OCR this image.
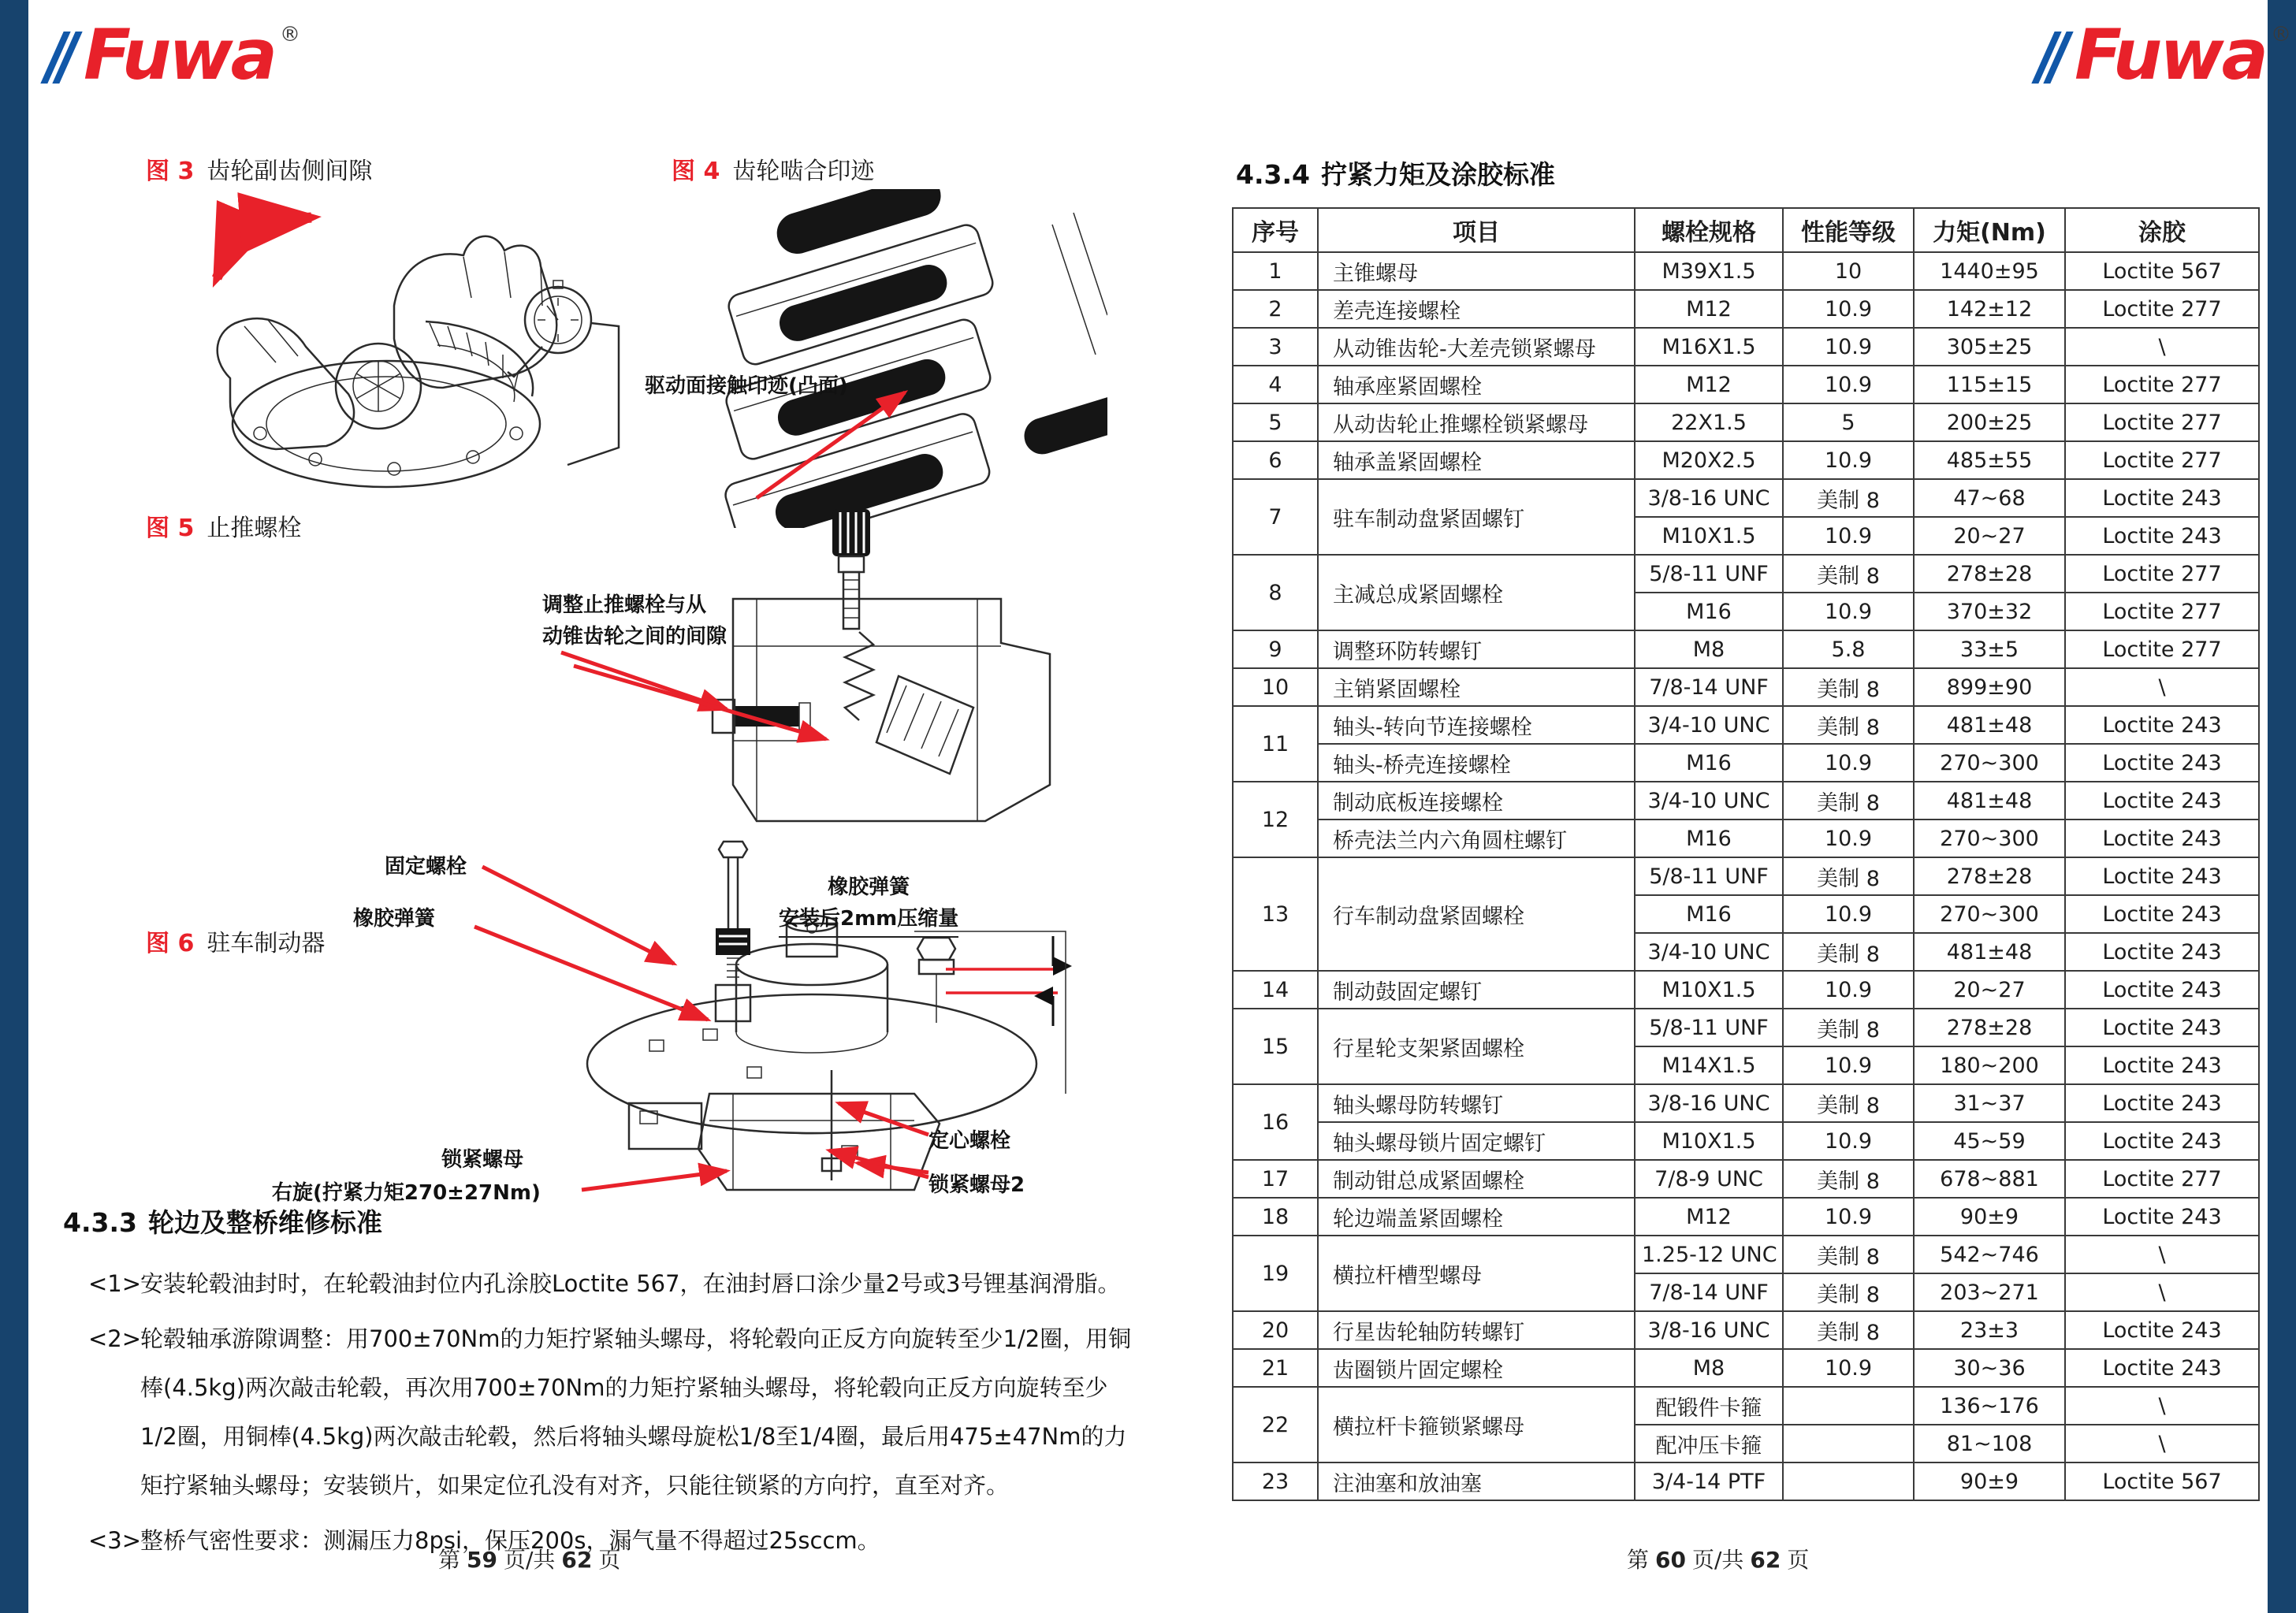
Fuwa ®	Fuwa ®
图 3 齿轮副齿侧间隙	图 4 齿轮啮合印迹
驱动面接触印迹(凸面)
图 5 止推螺栓
调整止推螺栓与从
动锥齿轮之间的间隙
图 6 驻车制动器
固定螺栓
橡胶弹簧
橡胶弹簧
安装后2mm压缩量
锁紧螺母
右旋(拧紧力矩270±27Nm)
定心螺栓
锁紧螺母2
4.3.3 轮边及整桥维修标准
<1>
安装轮毂油封时，在轮毂油封位内孔涂胶Loctite 567，在油封唇口涂少量2号或3号锂基润滑脂。
<2>
轮毂轴承游隙调整：用700±70Nm的力矩拧紧轴头螺母，将轮毂向正反方向旋转至少1/2圈，用铜棒(4.5kg)两次敲击轮毂，再次用700±70Nm的力矩拧紧轴头螺母，将轮毂向正反方向旋转至少1/2圈，用铜棒(4.5kg)两次敲击轮毂，然后将轴头螺母旋松1/8至1/4圈，最后用475±47Nm的力矩拧紧轴头螺母；安装锁片，如果定位孔没有对齐，只能往锁紧的方向拧，直至对齐。
<3>
整桥气密性要求：测漏压力8psi，保压200s，漏气量不得超过25sccm。
第 59 页/共 62 页
4.3.4 拧紧力矩及涂胶标准
序号	项目	螺栓规格	性能等级	力矩(Nm)	涂胶
1	主锥螺母	M39X1.5	10	1440±95	Loctite 567
2	差壳连接螺栓	M12	10.9	142±12	Loctite 277
3	从动锥齿轮-大差壳锁紧螺母	M16X1.5	10.9	305±25	\
4	轴承座紧固螺栓	M12	10.9	115±15	Loctite 277
5	从动齿轮止推螺栓锁紧螺母	22X1.5	5	200±25	Loctite 277
6	轴承盖紧固螺栓	M20X2.5	10.9	485±55	Loctite 277
7	驻车制动盘紧固螺钉	3/8-16 UNC	美制 8	47~68	Loctite 243
		M10X1.5	10.9	20~27	Loctite 243
8	主减总成紧固螺栓	5/8-11 UNF	美制 8	278±28	Loctite 277
		M16	10.9	370±32	Loctite 277
9	调整环防转螺钉	M8	5.8	33±5	Loctite 277
10	主销紧固螺栓	7/8-14 UNF	美制 8	899±90	\
11	轴头-转向节连接螺栓	3/4-10 UNC	美制 8	481±48	Loctite 243
	轴头-桥壳连接螺栓	M16	10.9	270~300	Loctite 243
12	制动底板连接螺栓	3/4-10 UNC	美制 8	481±48	Loctite 243
	桥壳法兰内六角圆柱螺钉	M16	10.9	270~300	Loctite 243
13	行车制动盘紧固螺栓	5/8-11 UNF	美制 8	278±28	Loctite 243
		M16	10.9	270~300	Loctite 243
		3/4-10 UNC	美制 8	481±48	Loctite 243
14	制动鼓固定螺钉	M10X1.5	10.9	20~27	Loctite 243
15	行星轮支架紧固螺栓	5/8-11 UNF	美制 8	278±28	Loctite 243
		M14X1.5	10.9	180~200	Loctite 243
16	轴头螺母防转螺钉	3/8-16 UNC	美制 8	31~37	Loctite 243
	轴头螺母锁片固定螺钉	M10X1.5	10.9	45~59	Loctite 243
17	制动钳总成紧固螺栓	7/8-9 UNC	美制 8	678~881	Loctite 277
18	轮边端盖紧固螺栓	M12	10.9	90±9	Loctite 243
19	横拉杆槽型螺母	1.25-12 UNC	美制 8	542~746	\
		7/8-14 UNF	美制 8	203~271	\
20	行星齿轮轴防转螺钉	3/8-16 UNC	美制 8	23±3	Loctite 243
21	齿圈锁片固定螺栓	M8	10.9	30~36	Loctite 243
22	横拉杆卡箍锁紧螺母	配锻件卡箍		136~176	\
		配冲压卡箍		81~108	\
23	注油塞和放油塞	3/4-14 PTF		90±9	Loctite 567
第 60 页/共 62 页
